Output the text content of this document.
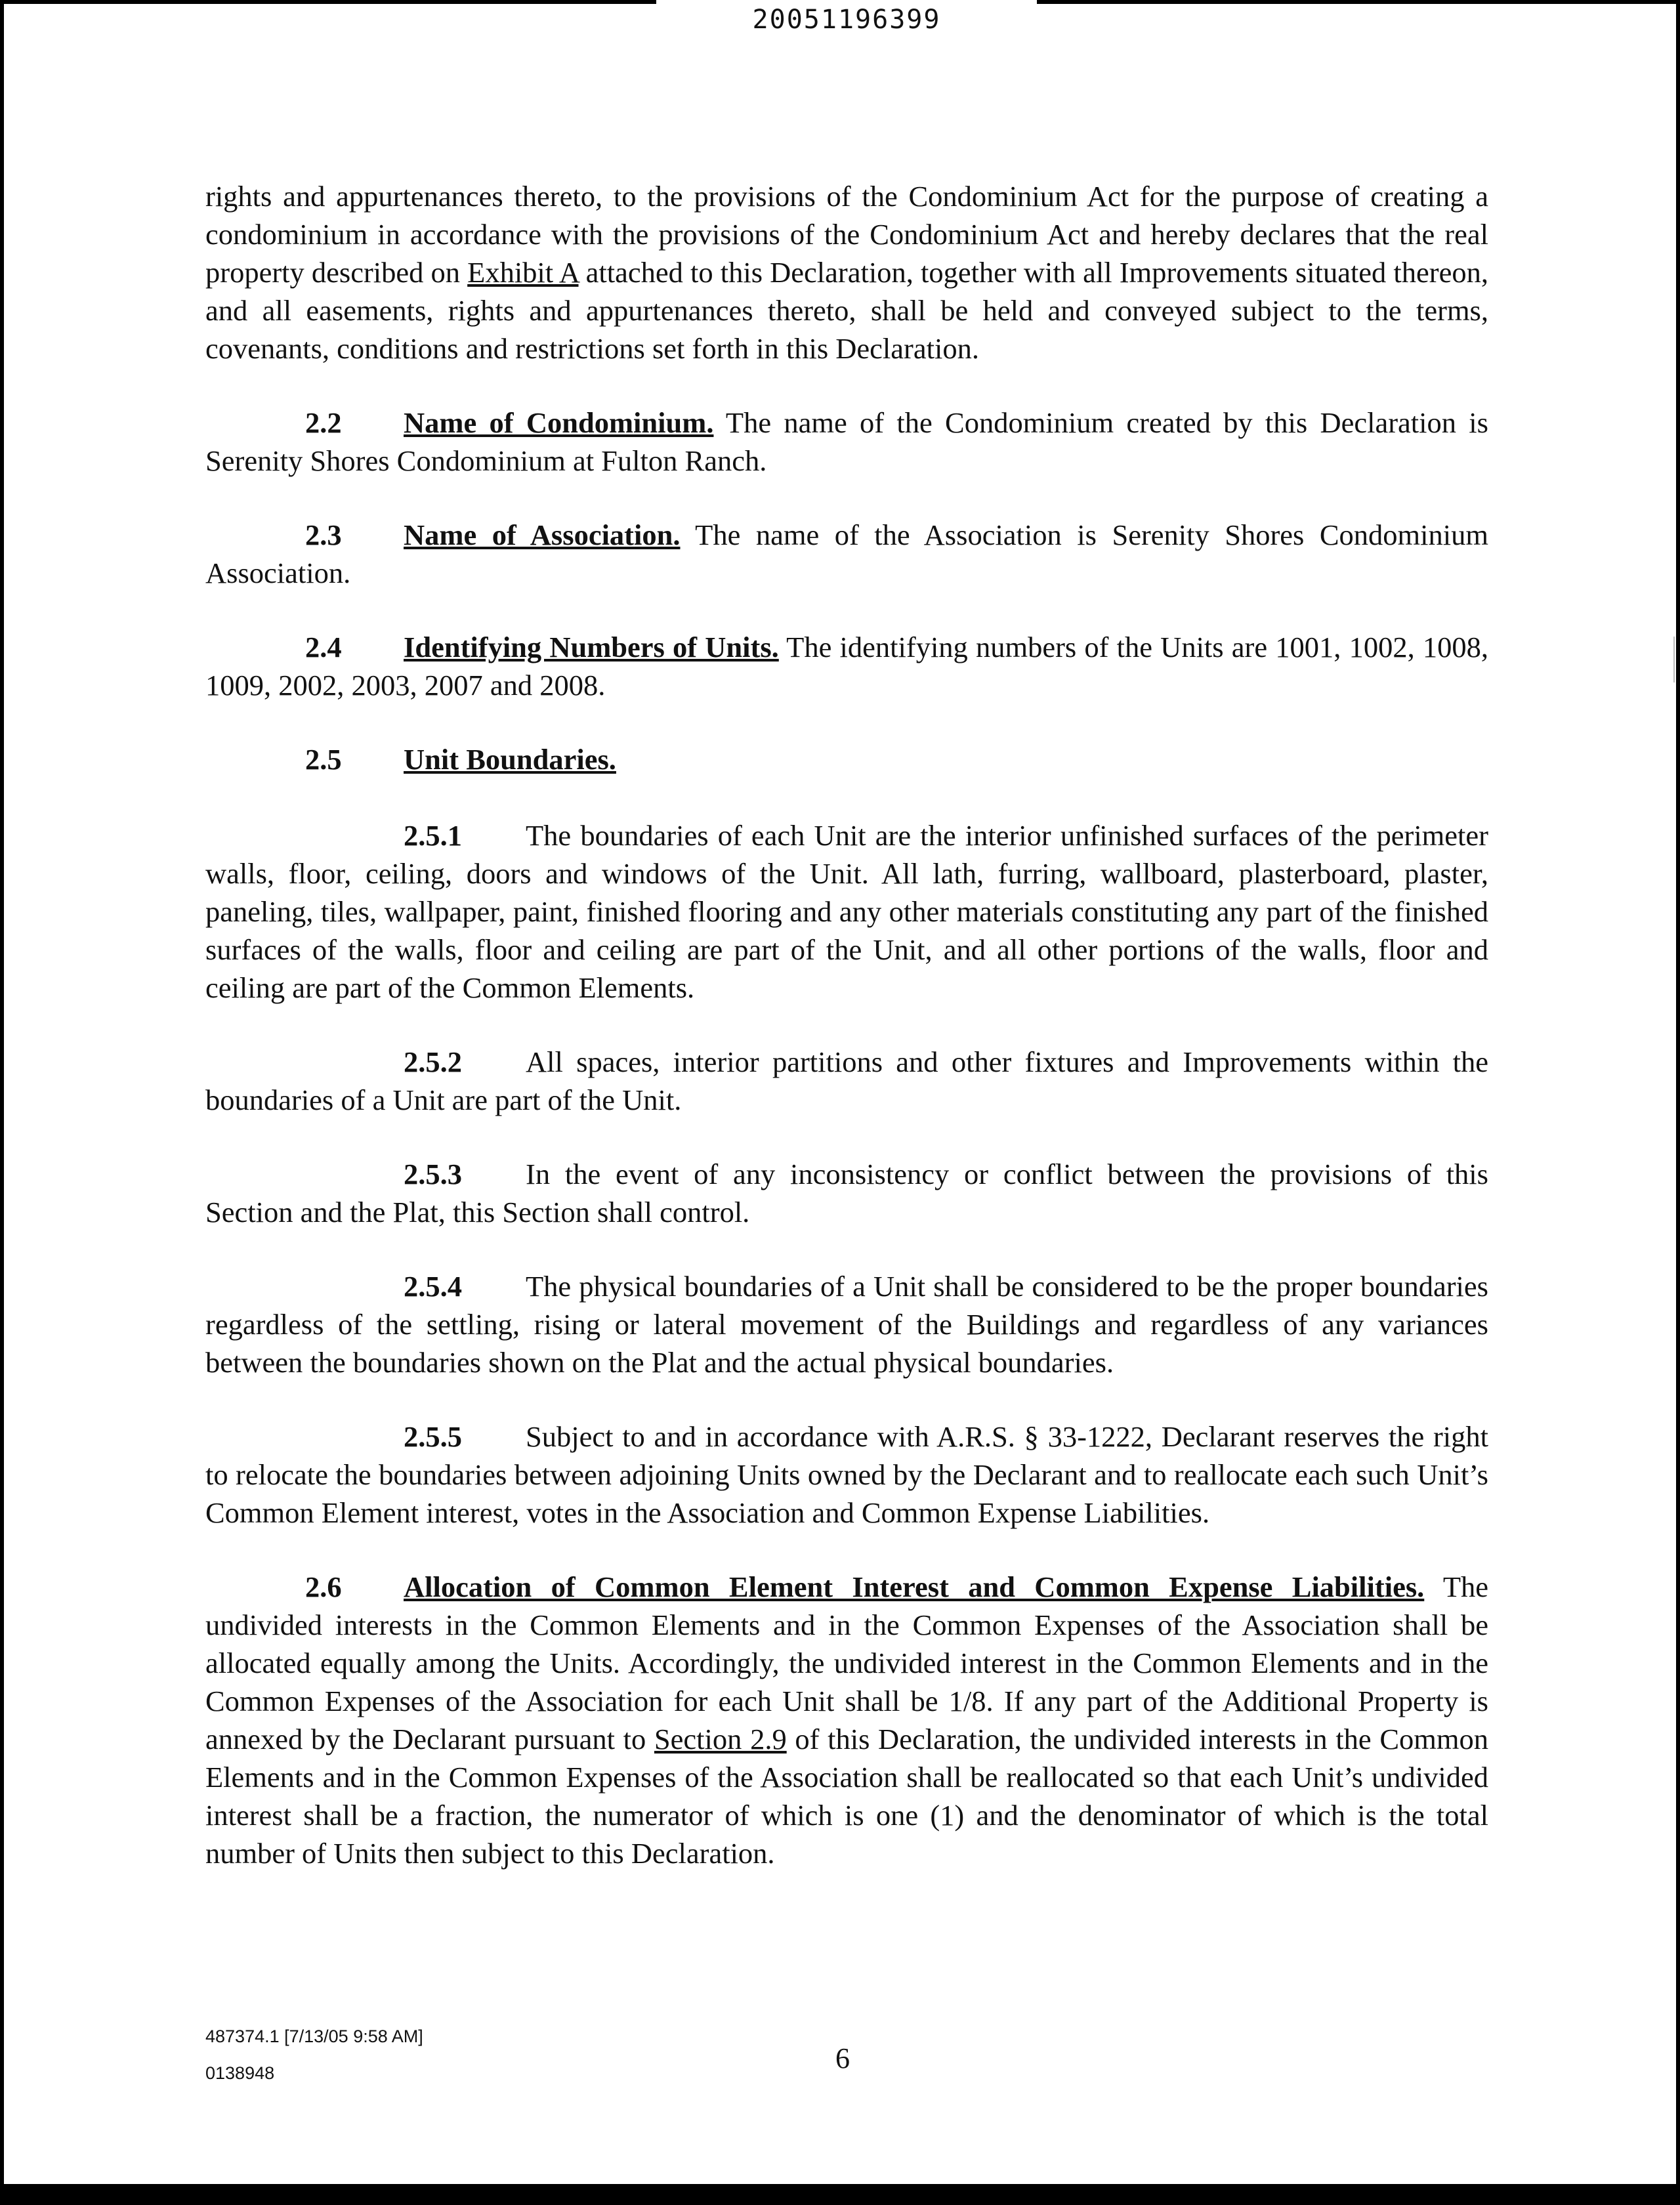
20051196399

rights and appurtenances thereto, to the provisions of the Condominium Act for the purpose of creating a condominium in accordance with the provisions of the Condominium Act and hereby declares that the real property described on Exhibit A attached to this Declaration, together with all Improvements situated thereon, and all easements, rights and appurtenances thereto, shall be held and conveyed subject to the terms, covenants, conditions and restrictions set forth in this Declaration.

2.2 Name of Condominium. The name of the Condominium created by this Declaration is Serenity Shores Condominium at Fulton Ranch.

2.3 Name of Association. The name of the Association is Serenity Shores Condominium Association.

2.4 Identifying Numbers of Units. The identifying numbers of the Units are 1001, 1002, 1008, 1009, 2002, 2003, 2007 and 2008.

2.5 Unit Boundaries.

2.5.1 The boundaries of each Unit are the interior unfinished surfaces of the perimeter walls, floor, ceiling, doors and windows of the Unit. All lath, furring, wallboard, plasterboard, plaster, paneling, tiles, wallpaper, paint, finished flooring and any other materials constituting any part of the finished surfaces of the walls, floor and ceiling are part of the Unit, and all other portions of the walls, floor and ceiling are part of the Common Elements.

2.5.2 All spaces, interior partitions and other fixtures and Improvements within the boundaries of a Unit are part of the Unit.

2.5.3 In the event of any inconsistency or conflict between the provisions of this Section and the Plat, this Section shall control.

2.5.4 The physical boundaries of a Unit shall be considered to be the proper boundaries regardless of the settling, rising or lateral movement of the Buildings and regardless of any variances between the boundaries shown on the Plat and the actual physical boundaries.

2.5.5 Subject to and in accordance with A.R.S. § 33-1222, Declarant reserves the right to relocate the boundaries between adjoining Units owned by the Declarant and to reallocate each such Unit’s Common Element interest, votes in the Association and Common Expense Liabilities.

2.6 Allocation of Common Element Interest and Common Expense Liabilities. The undivided interests in the Common Elements and in the Common Expenses of the Association shall be allocated equally among the Units. Accordingly, the undivided interest in the Common Elements and in the Common Expenses of the Association for each Unit shall be 1/8. If any part of the Additional Property is annexed by the Declarant pursuant to Section 2.9 of this Declaration, the undivided interests in the Common Elements and in the Common Expenses of the Association shall be reallocated so that each Unit’s undivided interest shall be a fraction, the numerator of which is one (1) and the denominator of which is the total number of Units then subject to this Declaration.

487374.1 [7/13/05 9:58 AM]
0138948	6
